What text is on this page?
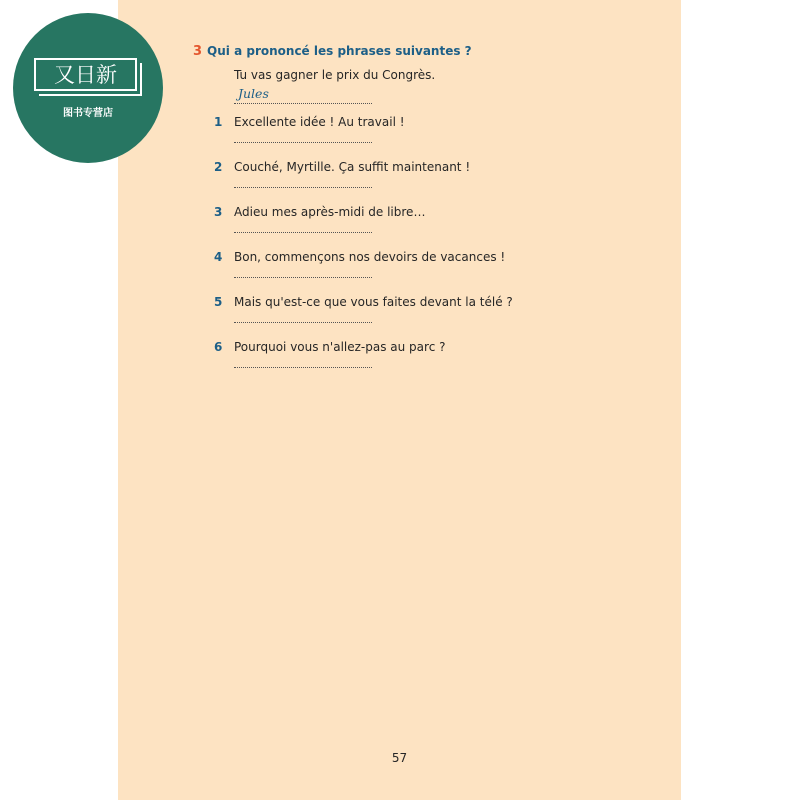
3 Qui a prononcé les phrases suivantes ?
Tu vas gagner le prix du Congrès.
Jules
1 Excellente idée ! Au travail !
2 Couché, Myrtille. Ça suffit maintenant !
3 Adieu mes après-midi de libre…
4 Bon, commençons nos devoirs de vacances !
5 Mais qu'est-ce que vous faites devant la télé ?
6 Pourquoi vous n'allez-pas au parc ?
57
又日新
图书专营店
